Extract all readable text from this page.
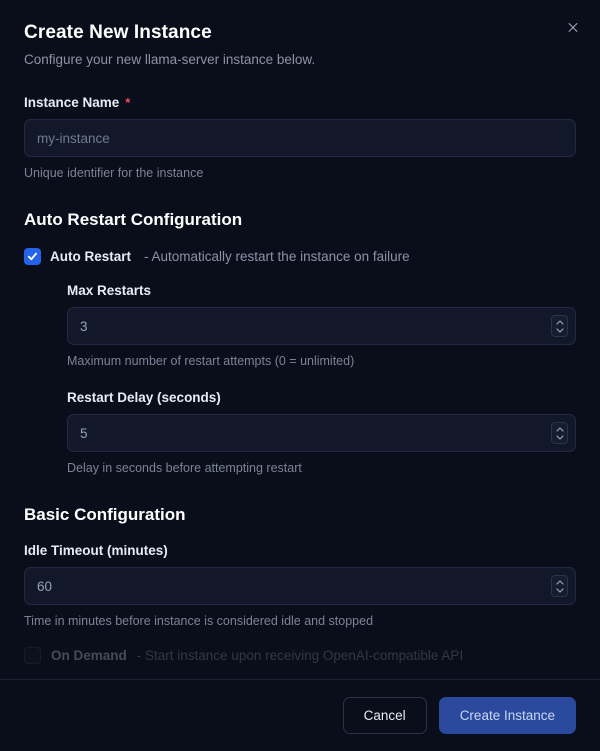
Create New Instance

Configure your new llama-server instance below.

Instance Name *
my-instance
Unique identifier for the instance
Auto Restart Configuration
Auto Restart - Automatically restart the instance on failure
Max Restarts
3
Maximum number of restart attempts (0 = unlimited)
Restart Delay (seconds)
5
Delay in seconds before attempting restart
Basic Configuration
Idle Timeout (minutes)
60
Time in minutes before instance is considered idle and stopped
On Demand - Start instance upon receiving OpenAI-compatible API
Cancel	Create Instance
